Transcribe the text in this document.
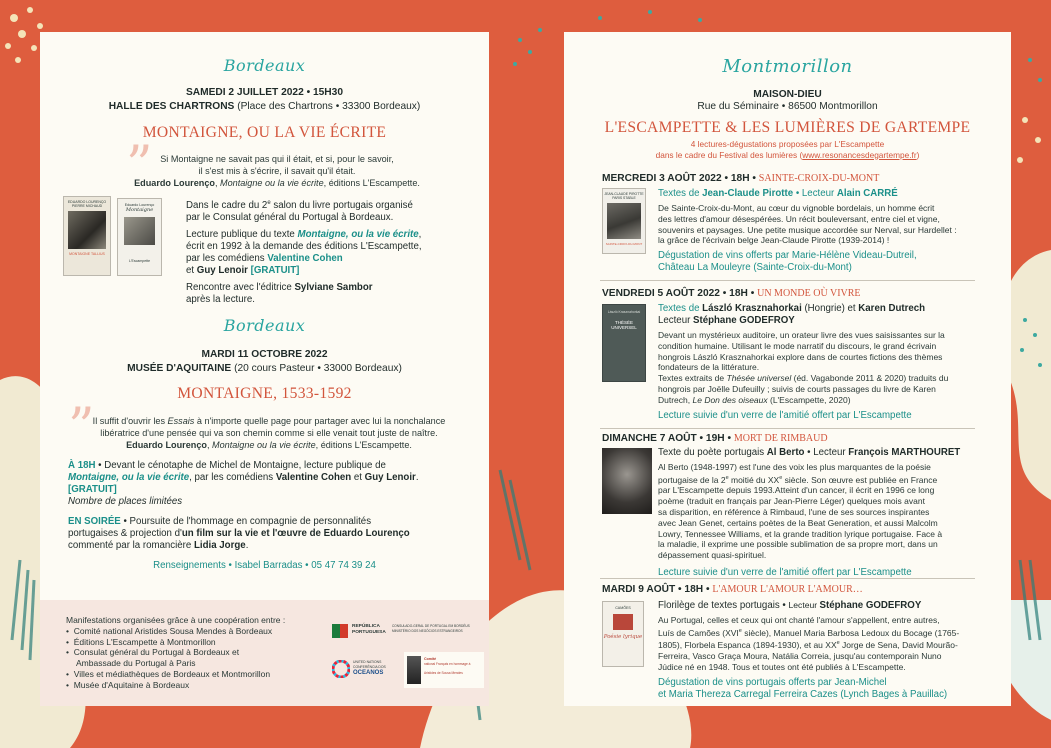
Bordeaux
SAMEDI 2 JUILLET 2022 • 15H30
HALLE DES CHARTRONS (Place des Chartrons • 33300 Bordeaux)
MONTAIGNE, OU LA VIE ÉCRITE
” Si Montaigne ne savait pas qui il était, et si, pour le savoir,
il s'est mis à s'écrire, il savait qu'il était.
Eduardo Lourenço, Montaigne ou la vie écrite, éditions L'Escampette.
EDUARDO LOURENÇO
PIERRE MICHAUD
MONTAIGNE TALLIUS
Eduardo Lourenço
Montaigne
L'Escampette
Dans le cadre du 2e salon du livre portugais organisé
par le Consulat général du Portugal à Bordeaux.
Lecture publique du texte Montaigne, ou la vie écrite,
écrit en 1992 à la demande des éditions L'Escampette,
par les comédiens Valentine Cohen
et Guy Lenoir [GRATUIT]
Rencontre avec l'éditrice Sylviane Sambor
après la lecture.
Bordeaux
MARDI 11 OCTOBRE 2022
MUSÉE D'AQUITAINE (20 cours Pasteur • 33000 Bordeaux)
MONTAIGNE, 1533-1592
”
Il suffit d'ouvrir les Essais à n'importe quelle page pour partager avec lui la nonchalance
libératrice d'une pensée qui va son chemin comme si elle venait tout juste de naître.
Eduardo Lourenço, Montaigne ou la vie écrite, éditions L'Escampette.
À 18H • Devant le cénotaphe de Michel de Montaigne, lecture publique de
Montaigne, ou la vie écrite, par les comédiens Valentine Cohen et Guy Lenoir.
[GRATUIT]
Nombre de places limitées
EN SOIRÉE • Poursuite de l'hommage en compagnie de personnalités
portugaises & projection d'un film sur la vie et l'œuvre de Eduardo Lourenço
commenté par la romancière Lidia Jorge.
Renseignements • Isabel Barradas • 05 47 74 39 24
Manifestations organisées grâce à une coopération entre :
•  Comité national Aristides Sousa Mendes à Bordeaux
•  Éditions L'Escampette à Montmorillon
•  Consulat général du Portugal à Bordeaux et
Ambassade du Portugal à Paris
•  Villes et médiathèques de Bordeaux et Montmorillon
•  Musée d'Aquitaine à Bordeaux
REPÚBLICA
PORTUGUESA
CONSULADO-GERAL DE PORTUGAL EM BORDÉUS
MINISTÉRIO DOS NEGÓCIOS ESTRANGEIROS
UNITED NATIONS
CONFERÊNCIA DOS
OCEANOS
Comité
national Français en hommage à
Aristides de Sousa Mendes
Montmorillon
MAISON-DIEU
Rue du Séminaire • 86500 Montmorillon
L'ESCAMPETTE & LES LUMIÈRES DE GARTEMPE
4 lectures-dégustations proposées par L'Escampette
dans le cadre du Festival des lumières (www.resonancesdegartempe.fr)
MERCREDI 3 AOÛT 2022 • 18H • SAINTE-CROIX-DU-MONT
JEAN-CLAUDE PIROTTE
PARIS STABLE
SAINTE-CROIX-DU-MONT
Textes de Jean-Claude Pirotte • Lecteur Alain CARRÉ
De Sainte-Croix-du-Mont, au cœur du vignoble bordelais, un homme écrit
des lettres d'amour désespérées. Un récit bouleversant, entre ciel et vigne,
souvenirs et paysages. Une petite musique accordée sur Nerval, sur Hardellet :
la grâce de l'écrivain belge Jean-Claude Pirotte (1939-2014) !
Dégustation de vins offerts par Marie-Hélène Videau-Dutreil,
Château La Mouleyre (Sainte-Croix-du-Mont)
VENDREDI 5 AOÛT 2022 • 18H • UN MONDE OÙ VIVRE
László Krasznahorkai
THÉSÉE UNIVERSEL
Textes de László Krasznahorkai (Hongrie) et Karen Dutrech
Lecteur Stéphane GODEFROY
Devant un mystérieux auditoire, un orateur livre des vues saisissantes sur la
condition humaine. Utilisant le mode narratif du discours, le grand écrivain
hongrois László Krasznahorkai explore dans de courtes fictions des thèmes
fondateurs de la littérature.
Textes extraits de Thésée universel (éd. Vagabonde 2011 & 2020) traduits du
hongrois par Joëlle Dufeuilly ; suivis de courts passages du livre de Karen
Dutrech, Le Don des oiseaux (L'Escampette, 2020)
Lecture suivie d'un verre de l'amitié offert par L'Escampette
DIMANCHE 7 AOÛT • 19H • MORT DE RIMBAUD
Texte du poète portugais Al Berto • Lecteur François MARTHOURET
Al Berto (1948-1997) est l'une des voix les plus marquantes de la poésie
portugaise de la 2e moitié du XXe siècle. Son œuvre est publiée en France
par L'Escampette depuis 1993.Atteint d'un cancer, il écrit en 1996 ce long
poème (traduit en français par Jean-Pierre Léger) quelques mois avant
sa disparition, en référence à Rimbaud, l'une de ses sources inspirantes
avec Jean Genet, certains poètes de la Beat Generation, et aussi Malcolm
Lowry, Tennessee Williams, et la grande tradition lyrique portugaise. Face à
la maladie, il exprime une possible sublimation de sa propre mort, dans un
dépassement quasi-spirituel.
Lecture suivie d'un verre de l'amitié offert par L'Escampette
MARDI 9 AOÛT • 18H • L'AMOUR L'AMOUR L'AMOUR…
CAMÕES
Poésie lyrique
Florilège de textes portugais • Lecteur Stéphane GODEFROY
Au Portugal, celles et ceux qui ont chanté l'amour s'appellent, entre autres,
Luís de Camões (XVIe siècle), Manuel Maria Barbosa Ledoux du Bocage (1765-
1805), Florbela Espanca (1894-1930), et au XXe Jorge de Sena, David Mourão-
Ferreira, Vasco Graça Moura, Natália Correia, jusqu'au contemporain Nuno
Júdice né en 1948. Tous et toutes ont été publiés à L'Escampette.
Dégustation de vins portugais offerts par Jean-Michel
et Maria Thereza Carregal Ferreira Cazes (Lynch Bages à Pauillac)
